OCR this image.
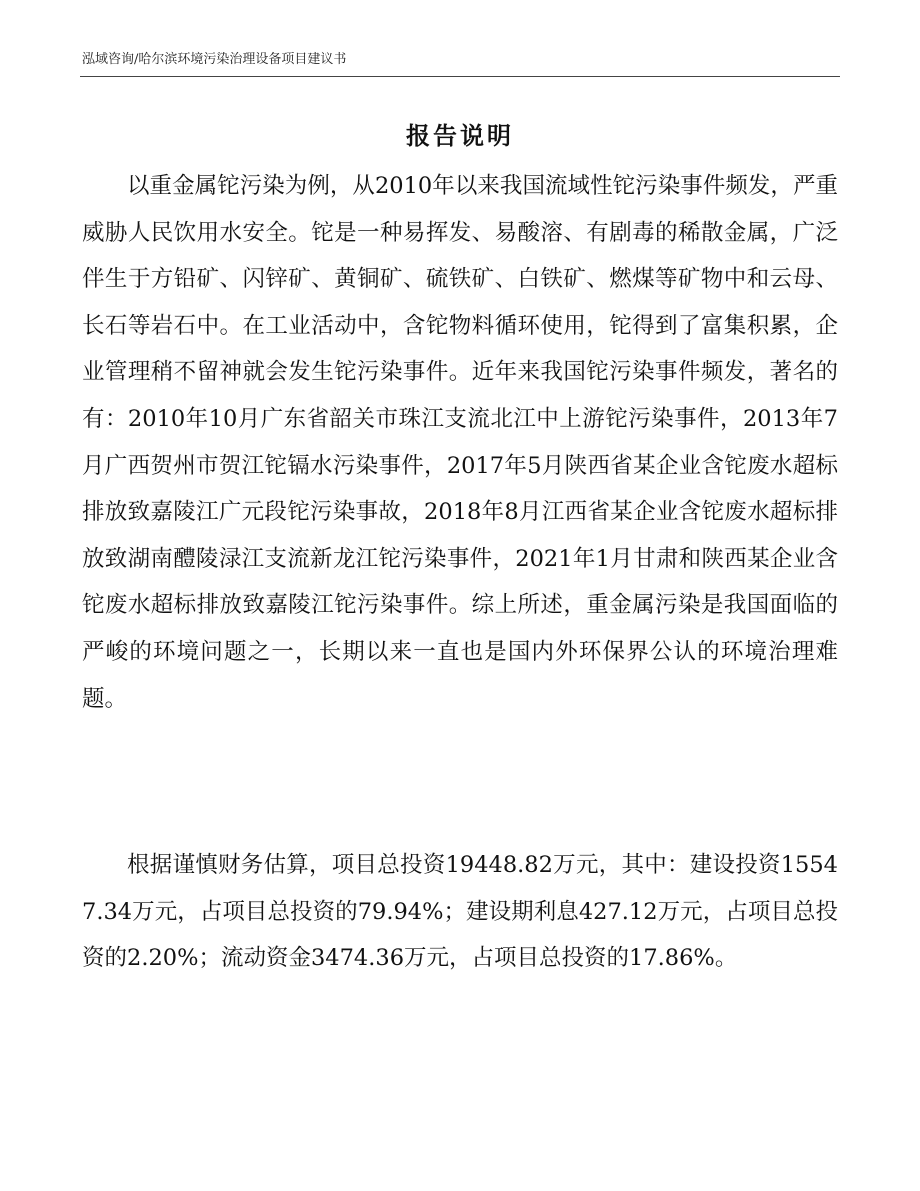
泓域咨询/哈尔滨环境污染治理设备项目建议书
报告说明

以重金属铊污染为例，从2010年以来我国流域性铊污染事件频发，严重威胁人民饮用水安全。铊是一种易挥发、易酸溶、有剧毒的稀散金属，广泛伴生于方铅矿、闪锌矿、黄铜矿、硫铁矿、白铁矿、燃煤等矿物中和云母、长石等岩石中。在工业活动中，含铊物料循环使用，铊得到了富集积累，企业管理稍不留神就会发生铊污染事件。近年来我国铊污染事件频发，著名的有：2010年10月广东省韶关市珠江支流北江中上游铊污染事件，2013年7月广西贺州市贺江铊镉水污染事件，2017年5月陕西省某企业含铊废水超标排放致嘉陵江广元段铊污染事故，2018年8月江西省某企业含铊废水超标排放致湖南醴陵渌江支流新龙江铊污染事件，2021年1月甘肃和陕西某企业含铊废水超标排放致嘉陵江铊污染事件。综上所述，重金属污染是我国面临的严峻的环境问题之一，长期以来一直也是国内外环保界公认的环境治理难题。

根据谨慎财务估算，项目总投资19448.82万元，其中：建设投资15547.34万元，占项目总投资的79.94%；建设期利息427.12万元，占项目总投资的2.20%；流动资金3474.36万元，占项目总投资的17.86%。
